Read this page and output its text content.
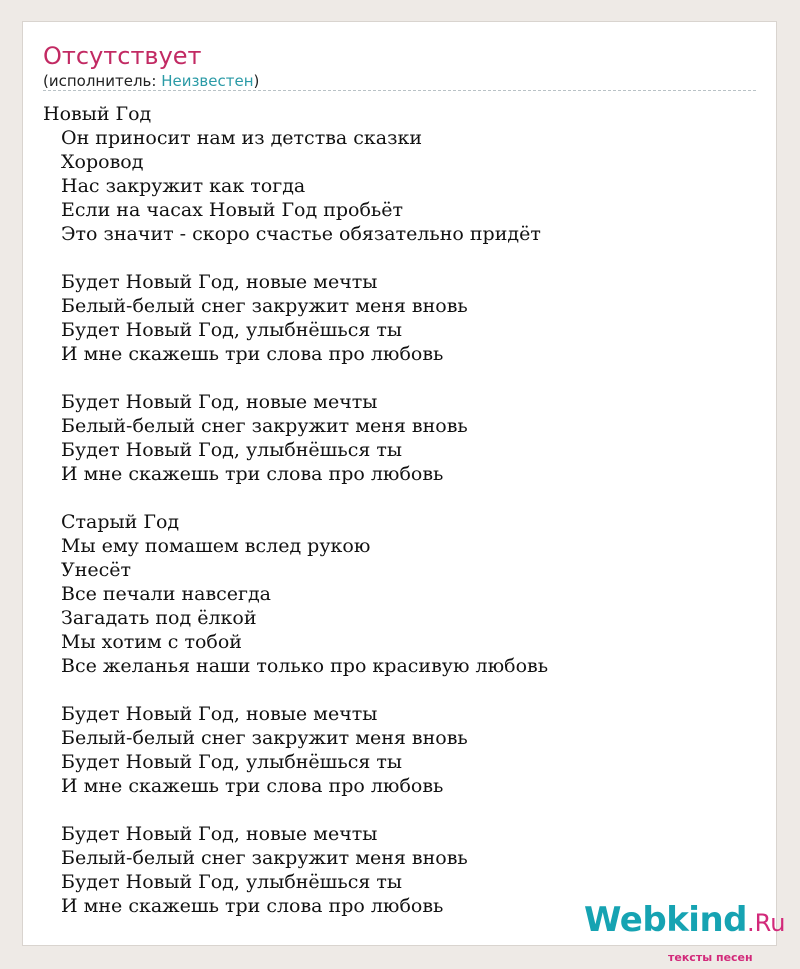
Отсутствует
(исполнитель: Неизвестен)
Новый Год
Он приносит нам из детства сказки
Хоровод
Нас закружит как тогда
Если на часах Новый Год пробьёт
Это значит - скоро счастье обязательно придёт
Будет Новый Год, новые мечты
Белый-белый снег закружит меня вновь
Будет Новый Год, улыбнёшься ты
И мне скажешь три слова про любовь
Будет Новый Год, новые мечты
Белый-белый снег закружит меня вновь
Будет Новый Год, улыбнёшься ты
И мне скажешь три слова про любовь
Старый Год
Мы ему помашем вслед рукою
Унесёт
Все печали навсегда
Загадать под ёлкой
Мы хотим с тобой
Все желанья наши только про красивую любовь
Будет Новый Год, новые мечты
Белый-белый снег закружит меня вновь
Будет Новый Год, улыбнёшься ты
И мне скажешь три слова про любовь
Будет Новый Год, новые мечты
Белый-белый снег закружит меня вновь
Будет Новый Год, улыбнёшься ты
И мне скажешь три слова про любовь	Webkind.Ru
тексты песен
